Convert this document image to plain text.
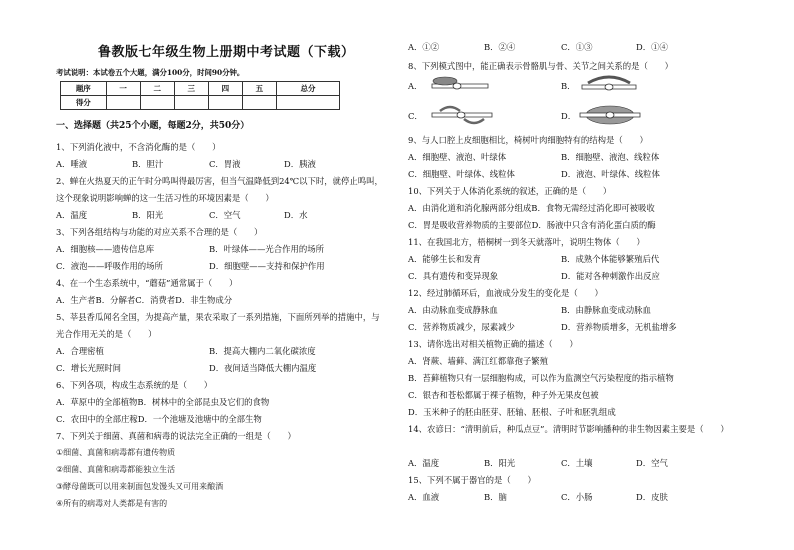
鲁教版七年级生物上册期中考试题（下载）
考试说明：本试卷五个大题，满分100分，时间90分钟。
题序	一	二	三	四	五	总分
得分						
一、选择题（共25个小题，每题2分，共50分）
1、下列消化液中，不含消化酶的是（　　）
A．唾液	B．胆汁	C．胃液	D．胰液
2、蝉在火热夏天的正午时分鸣叫得最厉害，但当气温降低到24℃以下时，就停止鸣叫，
这个现象说明影响蝉的这一生活习性的环境因素是（　　）
A．温度	B．阳光	C．空气	D．水
3、下列各组结构与功能的对应关系不合理的是（　　）
A．细胞核——遗传信息库	B．叶绿体——光合作用的场所
C．液泡——呼吸作用的场所	D．细胞壁——支持和保护作用
4、在一个生态系统中，“蘑菇”通常属于（　　）
A．生产者B．分解者C．消费者D．非生物成分
5、莘县香瓜闻名全国，为提高产量，果农采取了一系列措施，下面所列举的措施中，与
光合作用无关的是（　　）
A．合理密植	B．提高大棚内二氧化碳浓度
C．增长光照时间	D．夜间适当降低大棚内温度
6、下列各项，构成生态系统的是（　　）
A．草原中的全部植物B．树林中的全部昆虫及它们的食物
C．农田中的全部庄稼D．一个池塘及池塘中的全部生物
7、下列关于细菌、真菌和病毒的说法完全正确的一组是（　　）
①细菌、真菌和病毒都有遗传物质
②细菌、真菌和病毒都能独立生活
③酵母菌既可以用来制面包发馒头又可用来酿酒
④所有的病毒对人类都是有害的
A．①②	B．②④	C．①③	D．①④
8、下列模式图中，能正确表示骨骼肌与骨、关节之间关系的是（　　）
A．	B．
C．	D．
9、与人口腔上皮细胞相比，椅树叶肉细胞特有的结构是（　　）
A．细胞壁、液泡、叶绿体	B．细胞壁、液泡、线粒体
C．细胞壁、叶绿体、线粒体	D．液泡、叶绿体、线粒体
10、下列关于人体消化系统的叙述，正确的是（　　）
A．由消化道和消化腺两部分组成B．食物无需经过消化即可被吸收
C．胃是吸收营养物质的主要部位D．肠液中只含有消化蛋白质的酶
11、在我国北方，梧桐树一到冬天就落叶，说明生物体（　　）
A．能够生长和发育	B．成熟个体能够繁殖后代
C．具有遗传和变异现象	D．能对各种刺激作出反应
12、经过肺循环后，血液成分发生的变化是（　　）
A．由动脉血变成静脉血	B．由静脉血变成动脉血
C．营养物质减少，尿素减少	D．营养物质增多，无机盐增多
13、请你选出对相关植物正确的描述（　　）
A．肾蕨、墙藓、满江红都靠孢子繁殖
B．苔藓植物只有一层细胞构成，可以作为监测空气污染程度的指示植物
C．银杏和苍松都属于裸子植物，种子外无果皮包被
D．玉米种子的胚由胚芽、胚轴、胚根、子叶和胚乳组成
14、农谚曰：“清明前后，种瓜点豆”。清明时节影响播种的非生物因素主要是（　　）
A．温度	B．阳光	C．土壤	D．空气
15、下列不属于器官的是（　　）
A．血液	B．脑	C．小肠	D．皮肤
